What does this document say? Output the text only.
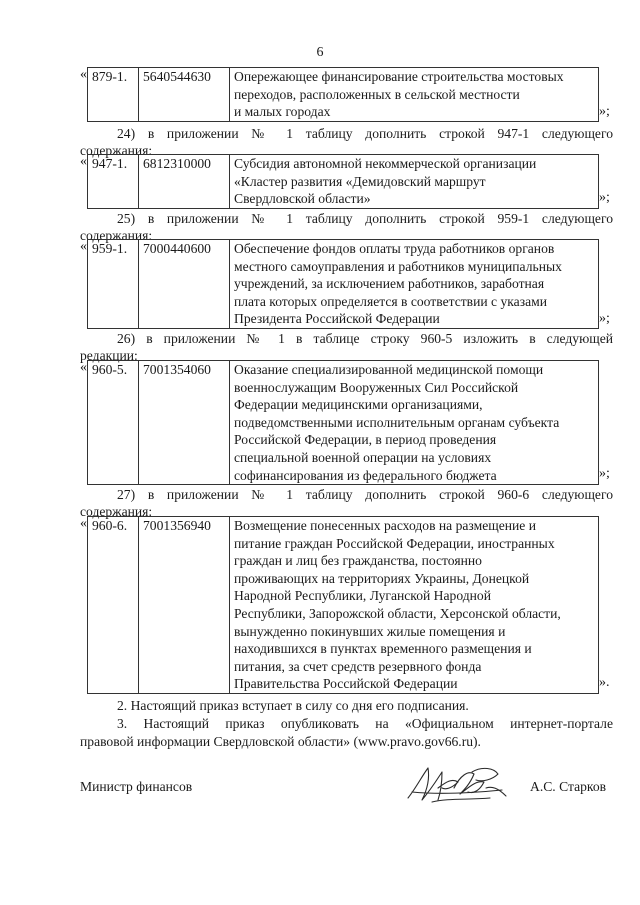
6
« 879-1.	5640544630	Опережающее финансирование строительства мостовых
переходов, расположенных в сельской местности
и малых городах	»;
24) в приложении № 1 таблицу дополнить строкой 947-1 следующего
содержания:
« 947-1.	6812310000	Субсидия автономной некоммерческой организации
«Кластер развития «Демидовский маршрут
Свердловской области»	»;
25) в приложении № 1 таблицу дополнить строкой 959-1 следующего
содержания:
« 959-1.	7000440600	Обеспечение фондов оплаты труда работников органов
местного самоуправления и работников муниципальных
учреждений, за исключением работников, заработная
плата которых определяется в соответствии с указами
Президента Российской Федерации	»;
26) в приложении № 1 в таблице строку 960-5 изложить в следующей
редакции:
« 960-5.	7001354060	Оказание специализированной медицинской помощи
военнослужащим Вооруженных Сил Российской
Федерации медицинскими организациями,
подведомственными исполнительным органам субъекта
Российской Федерации, в период проведения
специальной военной операции на условиях
софинансирования из федерального бюджета	»;
27) в приложении № 1 таблицу дополнить строкой 960-6 следующего
содержания:
« 960-6.	7001356940	Возмещение понесенных расходов на размещение и
питание граждан Российской Федерации, иностранных
граждан и лиц без гражданства, постоянно
проживающих на территориях Украины, Донецкой
Народной Республики, Луганской Народной
Республики, Запорожской области, Херсонской области,
вынужденно покинувших жилые помещения и
находившихся в пунктах временного размещения и
питания, за счет средств резервного фонда
Правительства Российской Федерации	».
2. Настоящий приказ вступает в силу со дня его подписания.
3. Настоящий приказ опубликовать на «Официальном интернет-портале
правовой информации Свердловской области» (www.pravo.gov66.ru).
Министр финансов	А.С. Старков
